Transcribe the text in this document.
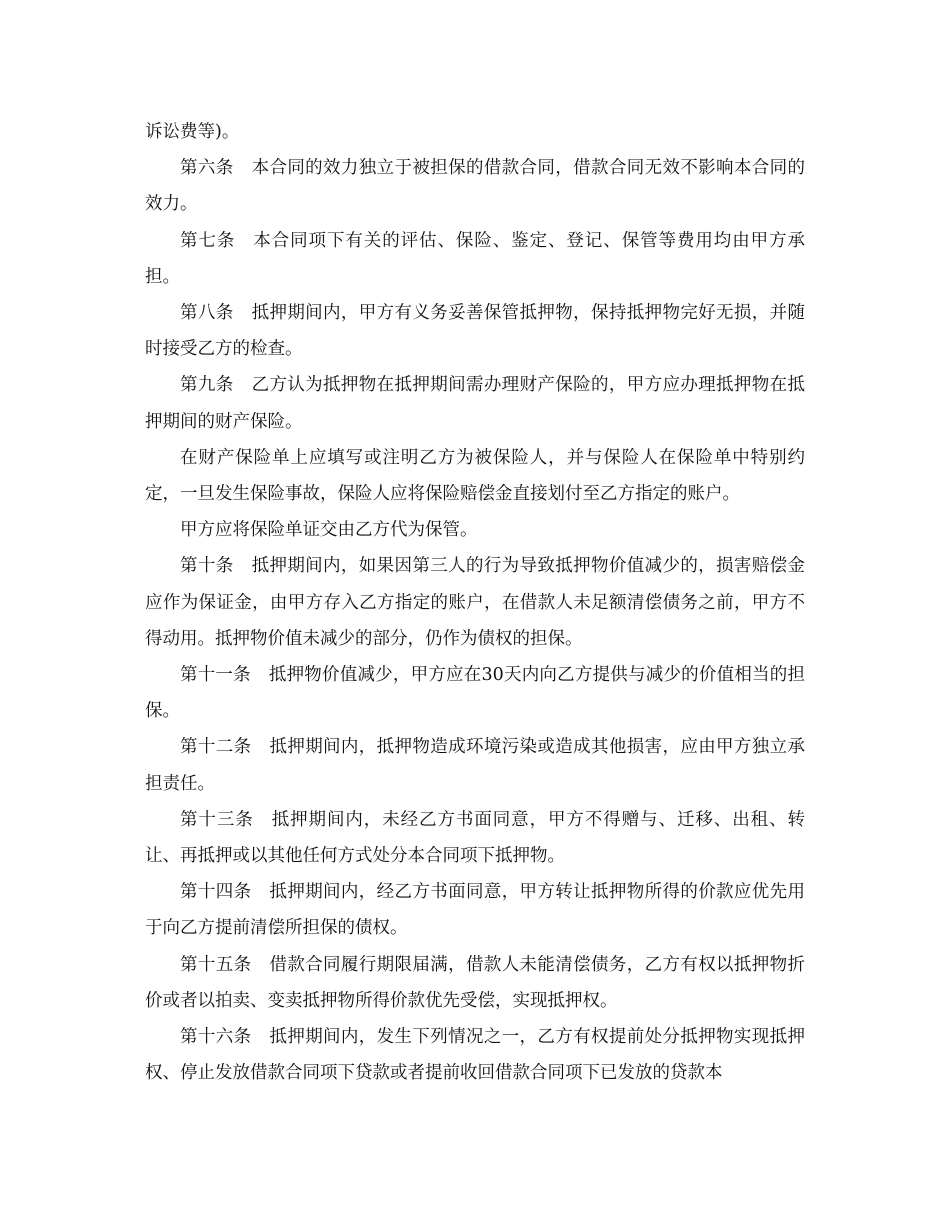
诉讼费等)。

第六条 本合同的效力独立于被担保的借款合同，借款合同无效不影响本合同的效力。

第七条 本合同项下有关的评估、保险、鉴定、登记、保管等费用均由甲方承担。

第八条 抵押期间内，甲方有义务妥善保管抵押物，保持抵押物完好无损，并随时接受乙方的检查。

第九条 乙方认为抵押物在抵押期间需办理财产保险的，甲方应办理抵押物在抵押期间的财产保险。

在财产保险单上应填写或注明乙方为被保险人，并与保险人在保险单中特别约定，一旦发生保险事故，保险人应将保险赔偿金直接划付至乙方指定的账户。

甲方应将保险单证交由乙方代为保管。

第十条 抵押期间内，如果因第三人的行为导致抵押物价值减少的，损害赔偿金应作为保证金，由甲方存入乙方指定的账户，在借款人未足额清偿债务之前，甲方不得动用。抵押物价值未减少的部分，仍作为债权的担保。

第十一条 抵押物价值减少，甲方应在30天内向乙方提供与减少的价值相当的担保。

第十二条 抵押期间内，抵押物造成环境污染或造成其他损害，应由甲方独立承担责任。

第十三条 抵押期间内，未经乙方书面同意，甲方不得赠与、迁移、出租、转让、再抵押或以其他任何方式处分本合同项下抵押物。

第十四条 抵押期间内，经乙方书面同意，甲方转让抵押物所得的价款应优先用于向乙方提前清偿所担保的债权。

第十五条 借款合同履行期限届满，借款人未能清偿债务，乙方有权以抵押物折价或者以拍卖、变卖抵押物所得价款优先受偿，实现抵押权。

第十六条 抵押期间内，发生下列情况之一，乙方有权提前处分抵押物实现抵押权、停止发放借款合同项下贷款或者提前收回借款合同项下已发放的贷款本
